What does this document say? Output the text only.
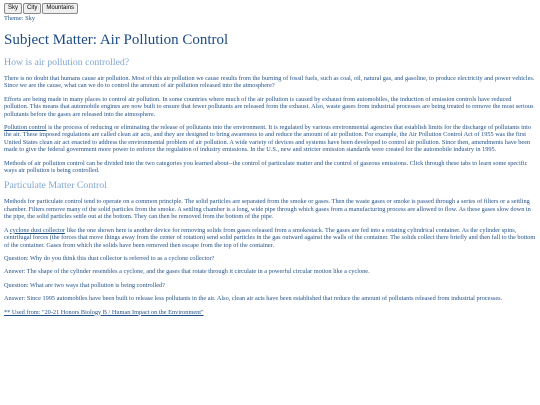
Sky	City	Mountains
Theme: Sky
Subject Matter: Air Pollution Control
How is air pollution controlled?

There is no doubt that humans cause air pollution. Most of this air pollution we cause results from the burning of fossil fuels, such as coal, oil, natural gas, and gasoline, to produce electricity and power vehicles. Since we are the cause, what can we do to control the amount of air pollution released into the atmosphere?

Efforts are being made in many places to control air pollution. In some countries where much of the air pollution is caused by exhaust from automobiles, the induction of emission controls have reduced pollution. This means that automobile engines are now built to ensure that fewer pollutants are released from the exhaust. Also, waste gases from industrial processes are being treated to remove the most serious pollutants before the gases are released into the atmosphere.

Pollution control is the process of reducing or eliminating the release of pollutants into the environment. It is regulated by various environmental agencies that establish limits for the discharge of pollutants into the air. These imposed regulations are called clean air acts, and they are designed to bring awareness to and reduce the amount of air pollution. For example, the Air Pollution Control Act of 1955 was the first United States clean air act enacted to address the environmental problem of air pollution. A wide variety of devices and systems have been developed to control air pollution. Since then, amendments have been made to give the federal government more power to enforce the regulation of industry emissions. In the U.S., new and stricter emission standards were created for the automobile industry in 1995.

Methods of air pollution control can be divided into the two categories you learned about--the control of particulate matter and the control of gaseous emissions. Click through these tabs to learn some specific ways air pollution is being controlled.

Particulate Matter Control

Methods for particulate control tend to operate on a common principle. The solid particles are separated from the smoke or gases. Then the waste gases or smoke is passed through a series of filters or a settling chamber. Filters remove many of the solid particles from the smoke. A settling chamber is a long, wide pipe through which gases from a manufacturing process are allowed to flow. As these gases slow down in the pipe, the solid particles settle out at the bottom. They can then be removed from the bottom of the pipe.

A cyclone dust collector like the one shown here is another device for removing solids from gases released from a smokestack. The gases are fed into a rotating cylindrical container. As the cylinder spins, centrifugal forces (the forces that move things away from the center of rotation) send solid particles in the gas outward against the walls of the container. The solids collect there briefly and then fall to the bottom of the container. Gases from which the solids have been removed then escape from the top of the container.

Question: Why do you think this dust collector is referred to as a cyclone collector?

Answer: The shape of the cylinder resembles a cyclone, and the gases that rotate through it circulate in a powerful circular motion like a cyclone.

Question: What are two ways that pollution is being controlled?

Answer: Since 1995 automobiles have been built to release less pollutants in the air. Also, clean air acts have been established that reduce the amount of pollutants released from industrial processes.

** Used from: "20-21 Honors Biology B / Human Impact on the Environment"
